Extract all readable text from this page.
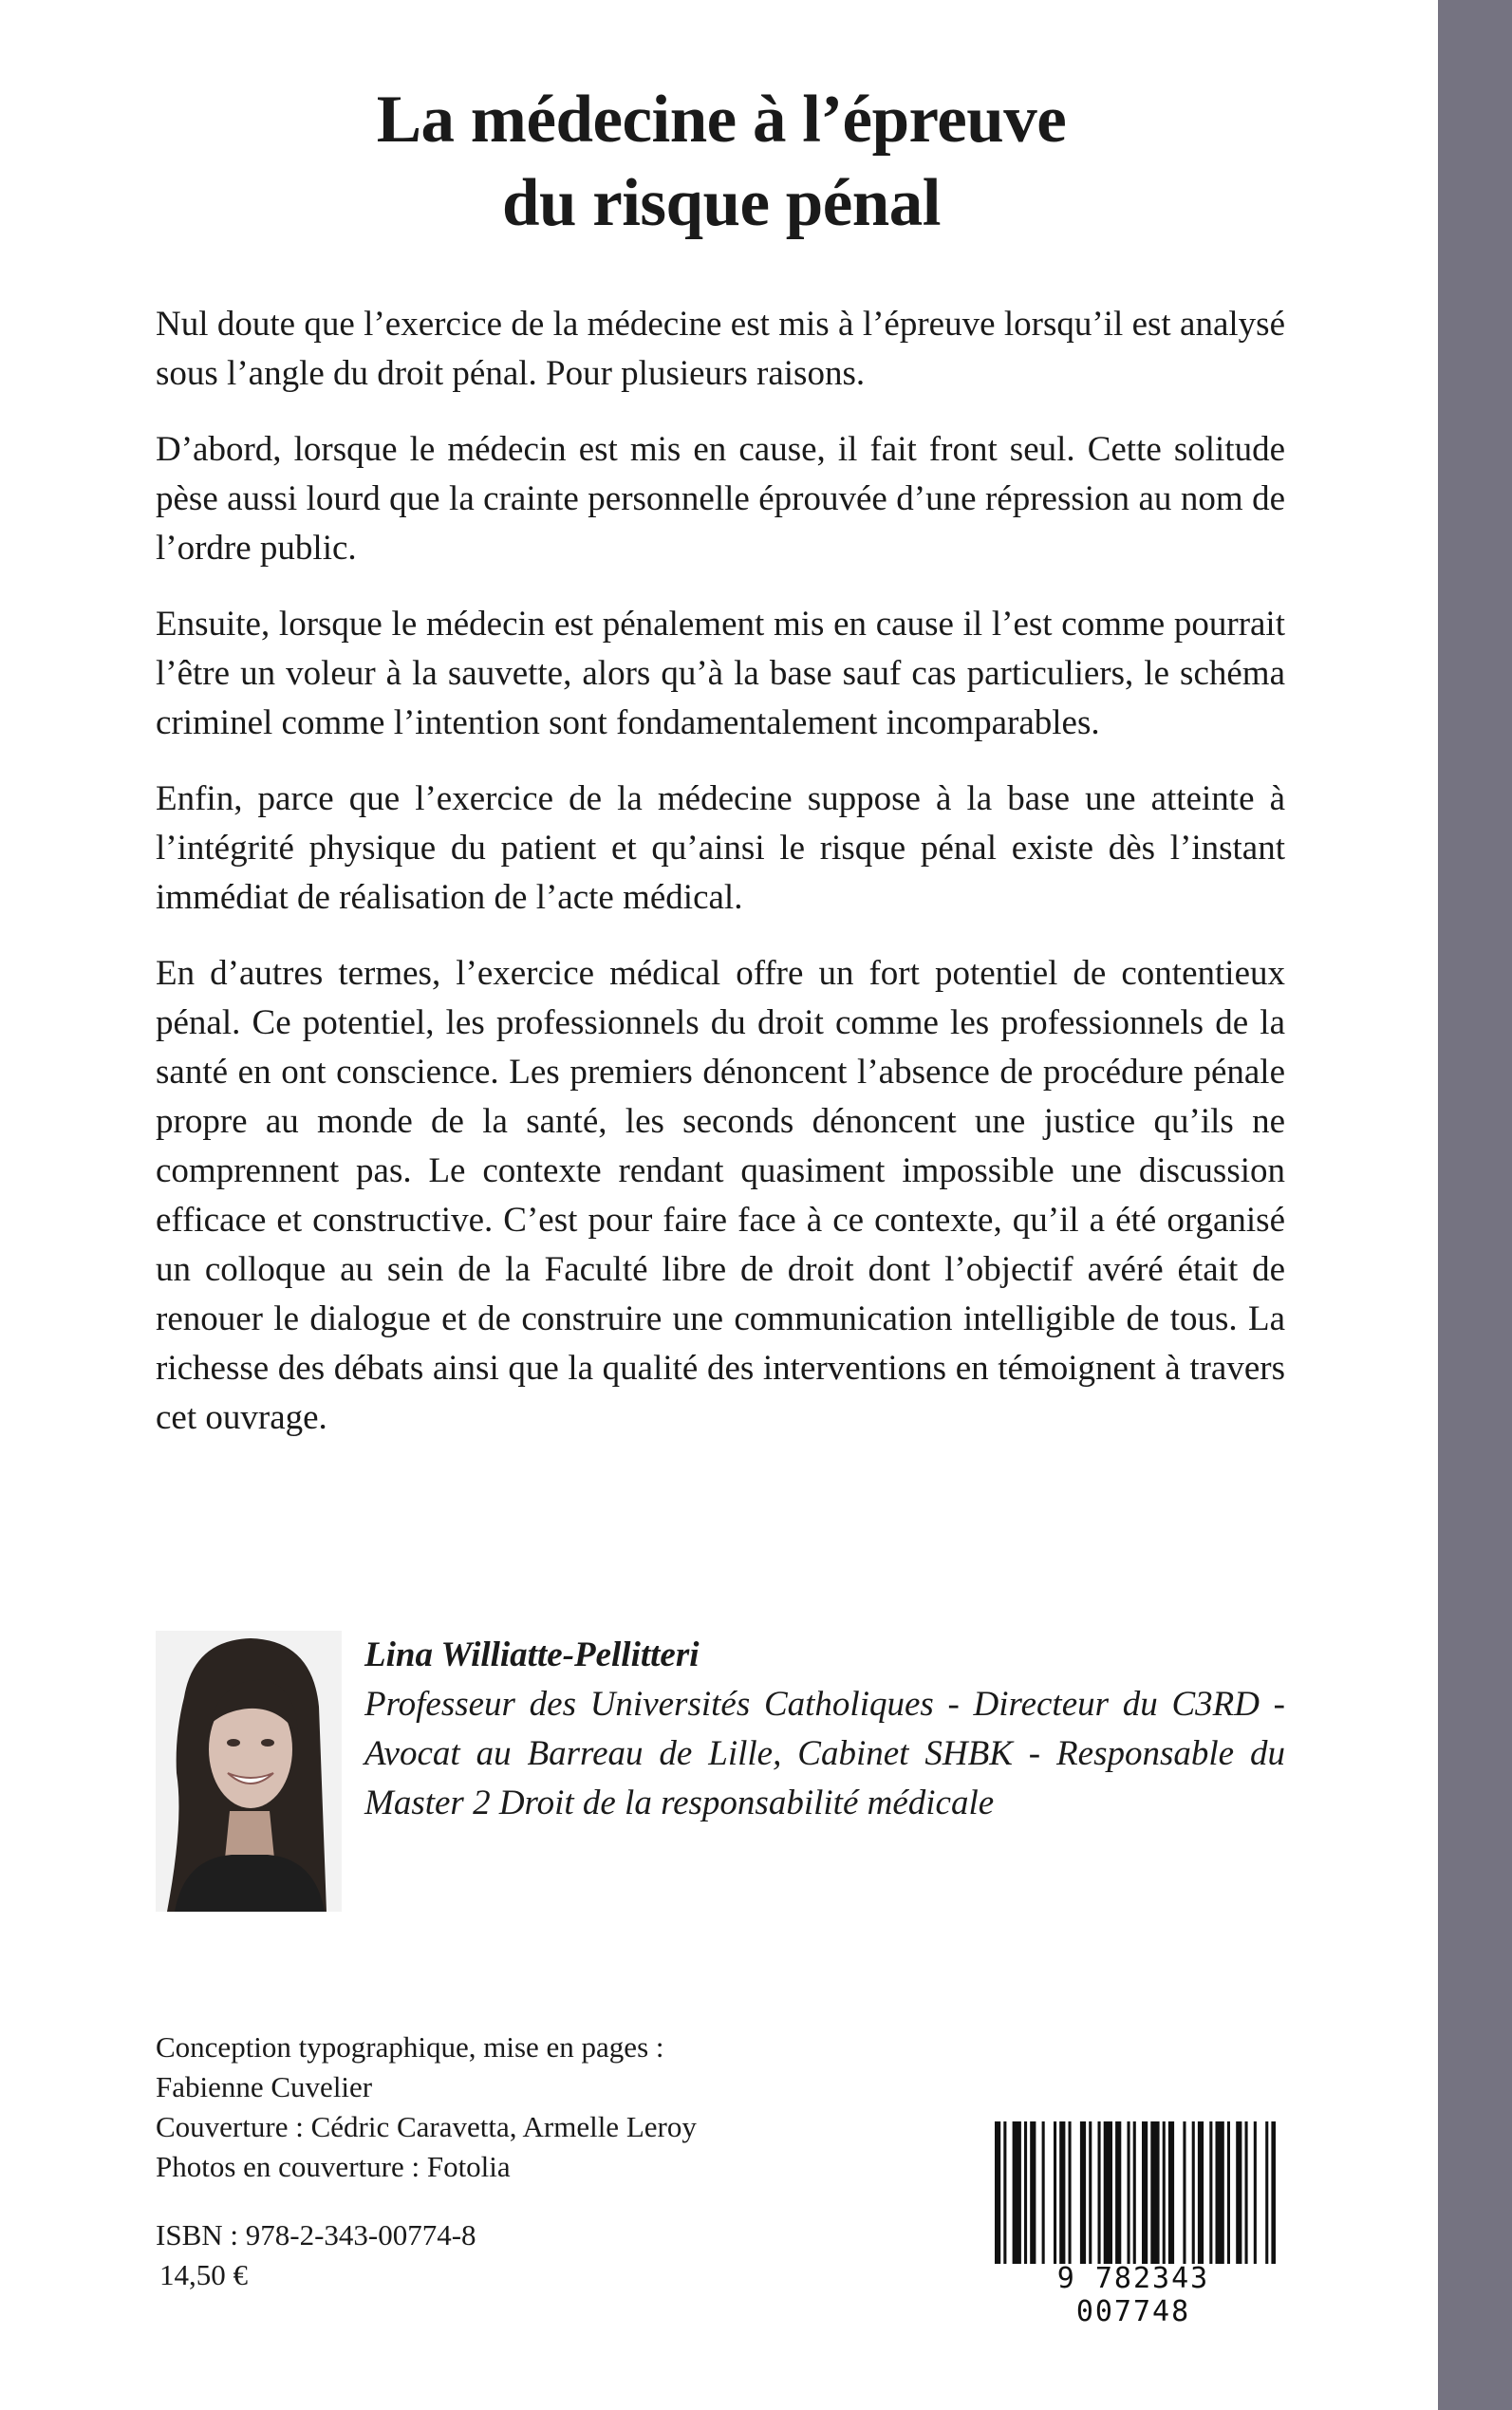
La médecine à l’épreuve
du risque pénal

Nul doute que l’exercice de la médecine est mis à l’épreuve lorsqu’il est analysé sous l’angle du droit pénal. Pour plusieurs raisons.

D’abord, lorsque le médecin est mis en cause, il fait front seul. Cette solitude pèse aussi lourd que la crainte personnelle éprouvée d’une répression au nom de l’ordre public.

Ensuite, lorsque le médecin est pénalement mis en cause il l’est comme pourrait l’être un voleur à la sauvette, alors qu’à la base sauf cas particuliers, le schéma criminel comme l’intention sont fondamentalement incomparables.

Enfin, parce que l’exercice de la médecine suppose à la base une atteinte à l’intégrité physique du patient et qu’ainsi le risque pénal existe dès l’instant immédiat de réalisation de l’acte médical.

En d’autres termes, l’exercice médical offre un fort potentiel de contentieux pénal. Ce potentiel, les professionnels du droit comme les professionnels de la santé en ont conscience. Les premiers dénoncent l’absence de procédure pénale propre au monde de la santé, les seconds dénoncent une justice qu’ils ne comprennent pas. Le contexte rendant quasiment impossible une discussion efficace et constructive. C’est pour faire face à ce contexte, qu’il a été organisé un colloque au sein de la Faculté libre de droit dont l’objectif avéré était de renouer le dialogue et de construire une communication intelligible de tous. La richesse des débats ainsi que la qualité des interventions en témoignent à travers cet ouvrage.

Lina Williatte-Pellitteri
Professeur des Universités Catholiques - Directeur du C3RD - Avocat au Barreau de Lille, Cabinet SHBK - Responsable du Master 2 Droit de la responsabilité médicale
Conception typographique, mise en pages :
Fabienne Cuvelier
Couverture : Cédric Caravetta, Armelle Leroy
Photos en couverture : Fotolia
ISBN : 978-2-343-00774-8
14,50 €	9 782343 007748
